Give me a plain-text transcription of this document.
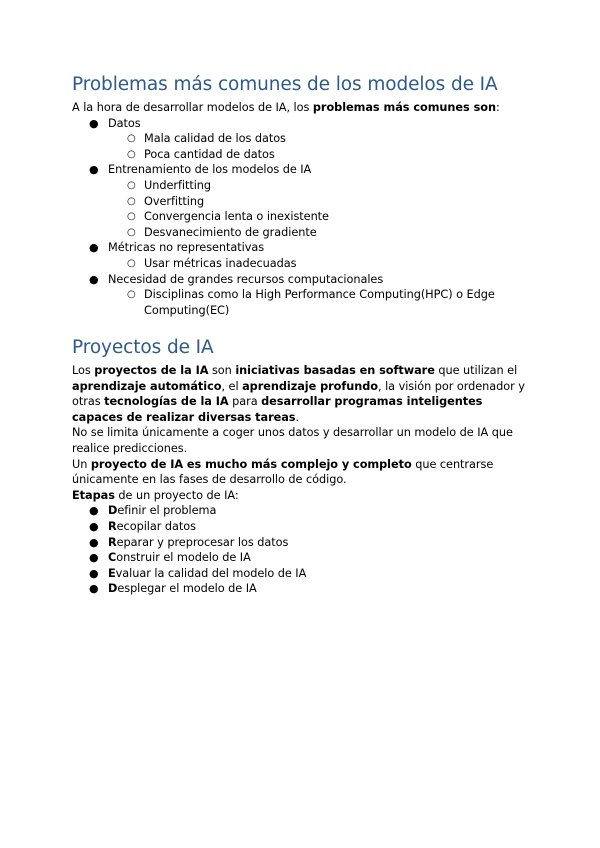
Problemas más comunes de los modelos de IA

A la hora de desarrollar modelos de IA, los problemas más comunes son:

● Datos
○ Mala calidad de los datos
○ Poca cantidad de datos
● Entrenamiento de los modelos de IA
○ Underfitting
○ Overfitting
○ Convergencia lenta o inexistente
○ Desvanecimiento de gradiente
● Métricas no representativas
○ Usar métricas inadecuadas
● Necesidad de grandes recursos computacionales
○ Disciplinas como la High Performance Computing(HPC) o Edge Computing(EC)
Proyectos de IA

Los proyectos de la IA son iniciativas basadas en software que utilizan el aprendizaje automático, el aprendizaje profundo, la visión por ordenador y otras tecnologías de la IA para desarrollar programas inteligentes capaces de realizar diversas tareas.

No se limita únicamente a coger unos datos y desarrollar un modelo de IA que realice predicciones.

Un proyecto de IA es mucho más complejo y completo que centrarse únicamente en las fases de desarrollo de código.

Etapas de un proyecto de IA:

● Definir el problema
● Recopilar datos
● Reparar y preprocesar los datos
● Construir el modelo de IA
● Evaluar la calidad del modelo de IA
● Desplegar el modelo de IA
